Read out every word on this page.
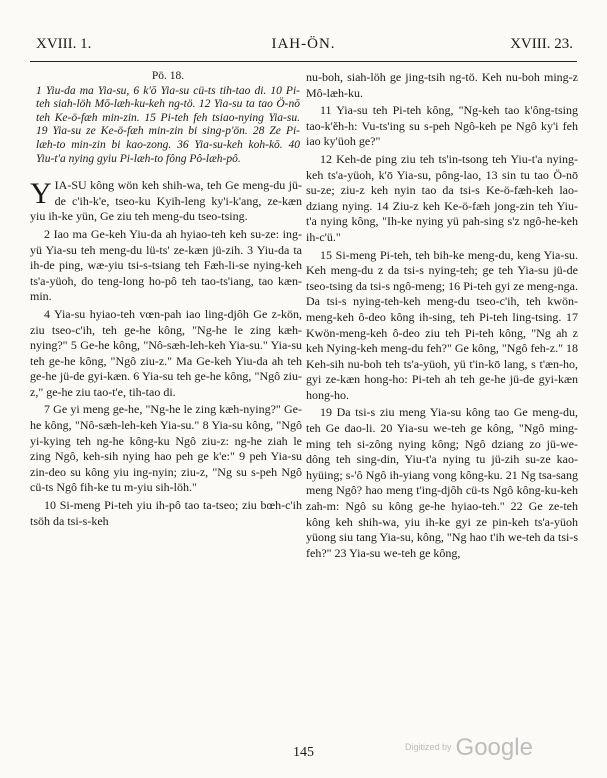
XVIII. 1.	IAH-ÖN.	XVIII. 23.
Pö. 18.
1 Yiu-da ma Yia-su, 6 k'ō Yia-su cü-ts tih-tao di. 10 Pi-teh siah-löh Mō-læh-ku-keh ng-tö. 12 Yia-su ta tao Ö-nō teh Ke-ö-fæh min-zin. 15 Pi-teh feh tsiao-nying Yia-su. 19 Yia-su ze Ke-ö-fæh min-zin bi sing-p'ön. 28 Ze Pi-læh-to min-zin bi kao-zong. 36 Yia-su-keh koh-kō. 40 Yiu-t'a nying gyiu Pi-læh-to fông Pô-læh-pô.

YIA-SU kông wön keh shih-wa, teh Ge meng-du jü-de c'ih-k'e, tseo-ku Kyih-leng ky'i-k'ang, ze-kæn yiu ih-ke yün, Ge ziu teh meng-du tseo-tsing.

2 Iao ma Ge-keh Yiu-da ah hyiao-teh keh su-ze: ing-yü Yia-su teh meng-du lü-ts' ze-kæn jü-zih. 3 Yiu-da ta ih-de ping, wæ-yiu tsi-s-tsiang teh Fæh-li-se nying-keh ts'a-yüoh, do teng-long ho-pô teh tao-ts'iang, tao kæn-min.

4 Yia-su hyiao-teh vœn-pah iao ling-djôh Ge z-kön, ziu tseo-c'ih, teh ge-he kông, "Ng-he le zing kæh-nying?" 5 Ge-he kông, "Nô-sæh-leh-keh Yia-su." Yia-su teh ge-he kông, "Ngô ziu-z." Ma Ge-keh Yiu-da ah teh ge-he jü-de gyi-kæn. 6 Yia-su teh ge-he kông, "Ngô ziu-z," ge-he ziu tao-t'e, tih-tao di.

7 Ge yi meng ge-he, "Ng-he le zing kæh-nying?" Ge-he kông, "Nô-sæh-leh-keh Yia-su." 8 Yia-su kông, "Ngô yi-kying teh ng-he kông-ku Ngô ziu-z: ng-he ziah le zing Ngô, keh-sih nying hao peh ge k'e:" 9 peh Yia-su zin-deo su kông yiu ing-nyin; ziu-z, "Ng su s-peh Ngô cü-ts Ngô fih-ke tu m-yiu sih-löh."

10 Si-meng Pi-teh yiu ih-pô tao ta-tseo; ziu bœh-c'ih tsöh da tsi-s-keh

nu-boh, siah-löh ge jing-tsih ng-tö. Keh nu-boh ming-z Mô-læh-ku.

11 Yia-su teh Pi-teh kông, "Ng-keh tao k'ông-tsing tao-k'ĕh-h: Vu-ts'ing su s-peh Ngô-keh pe Ngô ky'i feh iao ky'üoh ge?"

12 Keh-de ping ziu teh ts'in-tsong teh Yiu-t'a nying-keh ts'a-yüoh, k'ō Yia-su, pông-lao, 13 sin tu tao Ö-nō su-ze; ziu-z keh nyin tao da tsi-s Ke-ö-fæh-keh lao-dziang nying. 14 Ziu-z keh Ke-ö-fæh jong-zin teh Yiu-t'a nying kông, "Ih-ke nying yü pah-sing s'z ngô-he-keh ih-c'ü."

15 Si-meng Pi-teh, teh bih-ke meng-du, keng Yia-su. Keh meng-du z da tsi-s nying-teh; ge teh Yia-su jü-de tseo-tsing da tsi-s ngô-meng; 16 Pi-teh gyi ze meng-nga. Da tsi-s nying-teh-keh meng-du tseo-c'ih, teh kwön-meng-keh ô-deo kông ih-sing, teh Pi-teh ling-tsing. 17 Kwön-meng-keh ô-deo ziu teh Pi-teh kông, "Ng ah z keh Nying-keh meng-du feh?" Ge kông, "Ngô feh-z." 18 Keh-sih nu-boh teh ts'a-yüoh, yü t'in-kō lang, s t'æn-ho, gyi ze-kæn hong-ho: Pi-teh ah teh ge-he jü-de gyi-kæn hong-ho.

19 Da tsi-s ziu meng Yia-su kông tao Ge meng-du, teh Ge dao-li. 20 Yia-su we-teh ge kông, "Ngô ming-ming teh si-zông nying kông; Ngô dziang zo jü-we-dông teh sing-din, Yiu-t'a nying tu jü-zih su-ze kao-hyüing; s-'ô Ngô ih-yiang vong kông-ku. 21 Ng tsa-sang meng Ngô? hao meng t'ing-djôh cü-ts Ngô kông-ku-keh zah-m: Ngô su kông ge-he hyiao-teh." 22 Ge ze-teh kông keh shih-wa, yiu ih-ke gyi ze pin-keh ts'a-yüoh yüong siu tang Yia-su, kông, "Ng hao t'ih we-teh da tsi-s feh?" 23 Yia-su we-teh ge kông,

145	$^{Digitized by}$ Google
